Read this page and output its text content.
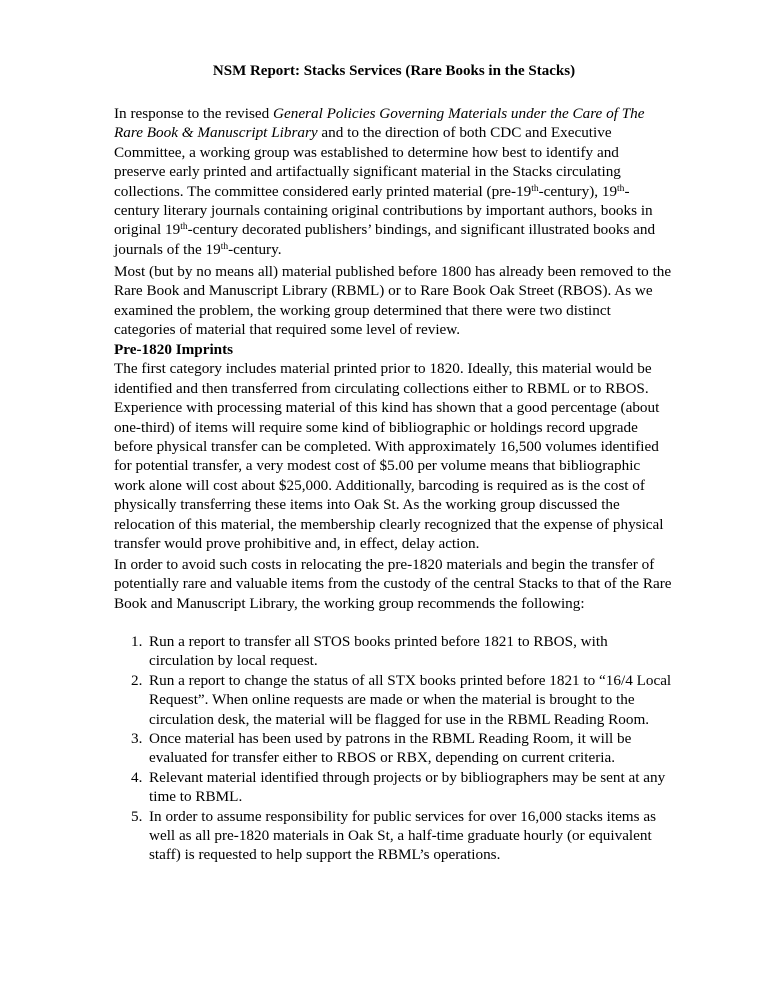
NSM Report: Stacks Services (Rare Books in the Stacks)

In response to the revised General Policies Governing Materials under the Care of The Rare Book & Manuscript Library and to the direction of both CDC and Executive Committee, a working group was established to determine how best to identify and preserve early printed and artifactually significant material in the Stacks circulating collections. The committee considered early printed material (pre-19th-century), 19th-century literary journals containing original contributions by important authors, books in original 19th-century decorated publishers’ bindings, and significant illustrated books and journals of the 19th-century.

Most (but by no means all) material published before 1800 has already been removed to the Rare Book and Manuscript Library (RBML) or to Rare Book Oak Street (RBOS). As we examined the problem, the working group determined that there were two distinct categories of material that required some level of review.

Pre-1820 Imprints

The first category includes material printed prior to 1820. Ideally, this material would be identified and then transferred from circulating collections either to RBML or to RBOS. Experience with processing material of this kind has shown that a good percentage (about one-third) of items will require some kind of bibliographic or holdings record upgrade before physical transfer can be completed. With approximately 16,500 volumes identified for potential transfer, a very modest cost of $5.00 per volume means that bibliographic work alone will cost about $25,000. Additionally, barcoding is required as is the cost of physically transferring these items into Oak St. As the working group discussed the relocation of this material, the membership clearly recognized that the expense of physical transfer would prove prohibitive and, in effect, delay action.

In order to avoid such costs in relocating the pre-1820 materials and begin the transfer of potentially rare and valuable items from the custody of the central Stacks to that of the Rare Book and Manuscript Library, the working group recommends the following:

1. Run a report to transfer all STOS books printed before 1821 to RBOS, with circulation by local request.
2. Run a report to change the status of all STX books printed before 1821 to “16/4 Local Request”. When online requests are made or when the material is brought to the circulation desk, the material will be flagged for use in the RBML Reading Room.
3. Once material has been used by patrons in the RBML Reading Room, it will be evaluated for transfer either to RBOS or RBX, depending on current criteria.
4. Relevant material identified through projects or by bibliographers may be sent at any time to RBML.
5. In order to assume responsibility for public services for over 16,000 stacks items as well as all pre-1820 materials in Oak St, a half-time graduate hourly (or equivalent staff) is requested to help support the RBML’s operations.
